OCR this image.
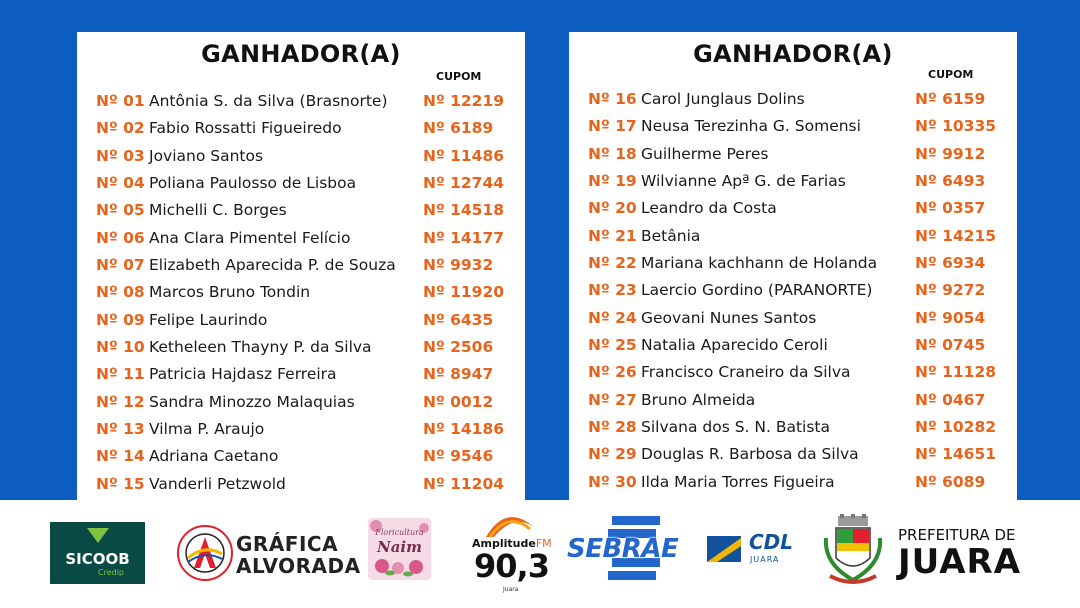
GANHADOR(A)
CUPOM
Nº 01 Antônia S. da Silva (Brasnorte) Nº 12219
Nº 02 Fabio Rossatti Figueiredo	Nº 6189
Nº 03 Joviano Santos	Nº 11486
Nº 04 Poliana Paulosso de Lisboa	Nº 12744
Nº 05 Michelli C. Borges	Nº 14518
Nº 06 Ana Clara Pimentel Felício	Nº 14177
Nº 07 Elizabeth Aparecida P. de Souza Nº 9932
Nº 08 Marcos Bruno Tondin	Nº 11920
Nº 09 Felipe Laurindo	Nº 6435
Nº 10 Ketheleen Thayny P. da Silva	Nº 2506
Nº 11 Patricia Hajdasz Ferreira	Nº 8947
Nº 12 Sandra Minozzo Malaquias	Nº 0012
Nº 13 Vilma P. Araujo	Nº 14186
Nº 14 Adriana Caetano	Nº 9546
Nº 15 Vanderli Petzwold	Nº 11204
GANHADOR(A)
CUPOM
Nº 16 Carol Junglaus Dolins	Nº 6159
Nº 17 Neusa Terezinha G. Somensi	Nº 10335
Nº 18 Guilherme Peres	Nº 9912
Nº 19 Wilvianne Apª G. de Farias	Nº 6493
Nº 20 Leandro da Costa	Nº 0357
Nº 21 Betânia	Nº 14215
Nº 22 Mariana kachhann de Holanda Nº 6934
Nº 23 Laercio Gordino (PARANORTE)	Nº 9272
Nº 24 Geovani Nunes Santos	Nº 9054
Nº 25 Natalia Aparecido Ceroli	Nº 0745
Nº 26 Francisco Craneiro da Silva	Nº 11128
Nº 27 Bruno Almeida	Nº 0467
Nº 28 Silvana dos S. N. Batista	Nº 10282
Nº 29 Douglas R. Barbosa da Silva	Nº 14651
Nº 30 Ilda Maria Torres Figueira	Nº 6089
SICOOB
Credip
GRÁFICA
ALVORADA
Floricultura
Naim	AmplitudeFM
90,3
Juara
SEBRAE	CDL
JUARA
PREFEITURA DE
JUARA
